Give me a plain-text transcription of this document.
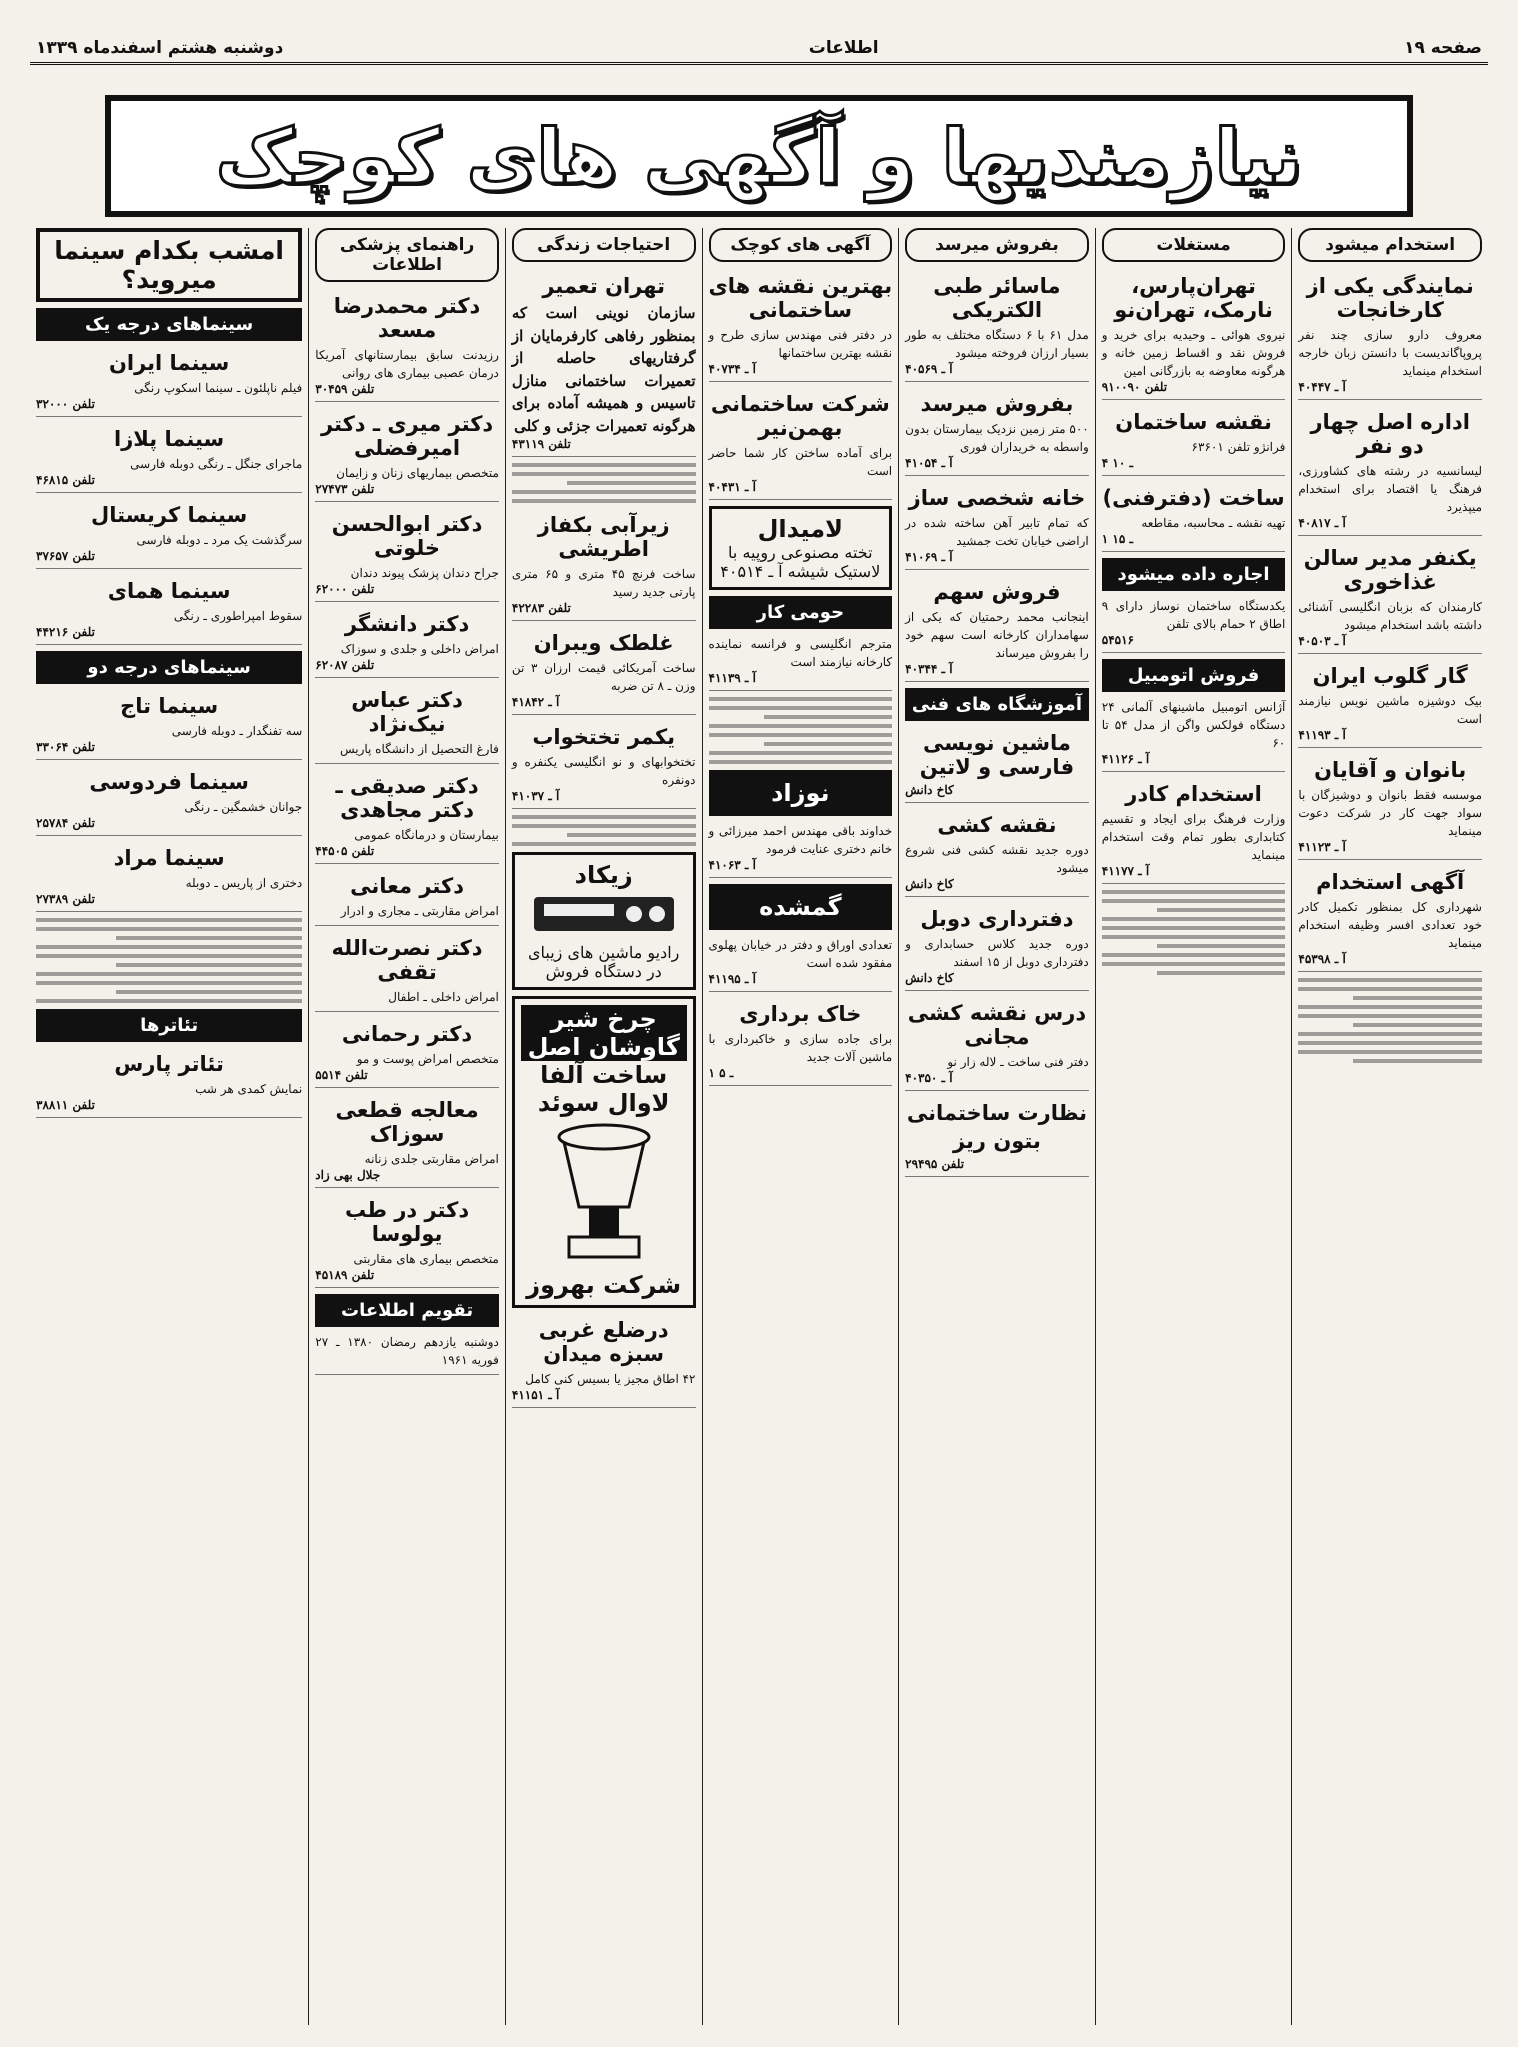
صفحه ۱۹
اطلاعات
دوشنبه هشتم اسفندماه ۱۳۳۹
نیازمندیها و آگهی های کوچک
استخدام میشود
نمایندگی یکی از کارخانجات
معروف دارو سازی چند نفر پروپاگاندیست با دانستن زبان خارجه استخدام مینماید
آ ـ ۴۰۴۴۷
اداره اصل چهار دو نفر
لیسانسیه در رشته های کشاورزی، فرهنگ یا اقتصاد برای استخدام میپذیرد
آ ـ ۴۰۸۱۷
یکنفر مدیر سالن غذاخوری
کارمندان که بزبان انگلیسی آشنائی داشته باشد استخدام میشود
آ ـ ۴۰۵۰۳
گار گلوب ایران
بیک دوشیزه ماشین نویس نیازمند است
آ ـ ۴۱۱۹۳
بانوان و آقایان
موسسه فقط بانوان و دوشیزگان با سواد جهت کار در شرکت دعوت مینماید
آ ـ ۴۱۱۲۳
آگهی استخدام
شهرداری کل بمنظور تکمیل کادر خود تعدادی افسر وظیفه استخدام مینماید
آ ـ ۴۵۳۹۸
مستغلات
تهران‌پارس، نارمک، تهران‌نو
نیروی هوائی ـ وحیدیه برای خرید و فروش نقد و اقساط زمین خانه و هرگونه معاوضه به بازرگانی امین
تلفن ۹۱۰۰۹۰
نقشه ساختمان
فرانژو تلفن ۶۳۶۰۱
۴ ـ ۱۰
ساخت (دفترفنی)
تهیه نقشه ـ محاسبه، مقاطعه
۱ ـ ۱۵
اجاره داده میشود
یکدستگاه ساختمان نوساز دارای ۹ اطاق ۲ حمام بالای تلفن
۵۴۵۱۶
فروش اتومبیل
آژانس اتومبیل ماشینهای آلمانی ۲۴ دستگاه فولکس واگن از مدل ۵۴ تا ۶۰
آ ـ ۴۱۱۲۶
استخدام کادر
وزارت فرهنگ برای ایجاد و تقسیم کتابداری بطور تمام وقت استخدام مینماید
آ ـ ۴۱۱۷۷
بفروش میرسد
ماسائر طبی الکتریکی
مدل ۶۱ با ۶ دستگاه مختلف به طور بسیار ارزان فروخته میشود
آ ـ ۴۰۵۶۹
بفروش میرسد
۵۰۰ متر زمین نزدیک بیمارستان بدون واسطه به خریداران فوری
آ ـ ۴۱۰۵۴
خانه شخصی ساز
که تمام تابیر آهن ساخته شده در اراضی خیابان تخت جمشید
آ ـ ۴۱۰۶۹
فروش سهم
اینجانب محمد رحمتیان که یکی از سهامداران کارخانه است سهم خود را بفروش میرساند
آ ـ ۴۰۳۴۴
آموزشگاه های فنی
ماشین نویسی فارسی و لاتین
کاخ دانش
نقشه کشی
دوره جدید نقشه کشی فنی شروع میشود
کاخ دانش
دفترداری دوبل
دوره جدید کلاس حسابداری و دفترداری دوبل از ۱۵ اسفند
کاخ دانش
درس نقشه کشی مجانی
دفتر فنی ساخت ـ لاله زار نو
آ ـ ۴۰۳۵۰
نظارت ساختمانی
بتون ریز
تلفن ۲۹۴۹۵
آگهی های کوچک
بهترین نقشه های ساختمانی
در دفتر فنی مهندس سازی طرح و نقشه بهترین ساختمانها
آ ـ ۴۰۷۳۴
شرکت ساختمانی بهمن‌نیر
برای آماده ساختن کار شما حاضر است
آ ـ ۴۰۴۳۱
لامیدال
تخته مصنوعی روپیه با لاستیک شیشه آ ـ ۴۰۵۱۴
حومی کار
مترجم انگلیسی و فرانسه نماینده کارخانه نیازمند است
آ ـ ۴۱۱۳۹
نوزاد
خداوند باقی مهندس احمد میرزائی و خانم دختری عنایت فرمود
آ ـ ۴۱۰۶۳
گمشده
تعدادی اوراق و دفتر در خیابان پهلوی مفقود شده است
آ ـ ۴۱۱۹۵
خاک برداری
برای جاده سازی و خاکبرداری با ماشین آلات جدید
۱ ـ ۵
احتیاجات زندگی
تهران تعمیر
سازمان نوینی است که بمنظور رفاهی کارفرمایان از گرفتاریهای حاصله از تعمیرات ساختمانی منازل تاسیس و همیشه آماده برای هرگونه تعمیرات جزئی و کلی
تلفن ۴۳۱۱۹
زیرآبی بکفاز اطریشی
ساخت فرنچ ۴۵ متری و ۶۵ متری پارتی جدید رسید
تلفن ۴۲۲۸۳
غلطک ویبران
ساخت آمریکائی قیمت ارزان ۳ تن وزن ـ ۸ تن ضربه
آ ـ ۴۱۸۴۲
یکمر تختخواب
تختخوابهای و نو انگلیسی یکنفره و دونفره
آ ـ ۴۱۰۳۷
زیکاد
رادیو ماشین های زیبای در دستگاه فروش
چرخ شیر گاوشان اصل
ساخت آلفا لاوال سوئد
شرکت بهروز
درضلع غربی سبزه میدان
۴۲ اطاق مجیز یا بسیس کنی کامل
آ ـ ۴۱۱۵۱
راهنمای پزشکی اطلاعات
دکتر محمدرضا مسعد
رزیدنت سابق بیمارستانهای آمریکا درمان عصبی بیماری های روانی
تلفن ۳۰۴۵۹
دکتر میری ـ دکتر امیرفضلی
متخصص بیماریهای زنان و زایمان
تلفن ۲۷۴۷۳
دکتر ابوالحسن خلوتی
جراح دندان پزشک پیوند دندان
تلفن ۶۲۰۰۰
دکتر دانشگر
امراض داخلی و جلدی و سوزاک
تلفن ۶۲۰۸۷
دکتر عباس نیک‌نژاد
فارغ التحصیل از دانشگاه پاریس
دکتر صدیقی ـ دکتر مجاهدی
بیمارستان و درمانگاه عمومی
تلفن ۴۴۵۰۵
دکتر معانی
امراض مقاربتی ـ مجاری و ادرار
دکتر نصرت‌الله تقفی
امراض داخلی ـ اطفال
دکتر رحمانی
متخصص امراض پوست و مو
تلفن ۵۵۱۴
معالجه قطعی سوزاک
امراض مقاربتی جلدی زنانه
جلال بهی زاد
دکتر در طب یولوسا
متخصص بیماری های مقاربتی
تلفن ۴۵۱۸۹
تقویم اطلاعات
دوشنبه یازدهم رمضان ۱۳۸۰ ـ ۲۷ فوریه ۱۹۶۱
امشب بکدام سینما میروید؟
سینماهای درجه یک
سینما ایران
فیلم ناپلئون ـ سینما اسکوپ رنگی
تلفن ۳۲۰۰۰
سینما پلازا
ماجرای جنگل ـ رنگی دوبله فارسی
تلفن ۴۶۸۱۵
سینما کریستال
سرگذشت یک مرد ـ دوبله فارسی
تلفن ۳۷۶۵۷
سینما همای
سقوط امپراطوری ـ رنگی
تلفن ۴۴۲۱۶
سینماهای درجه دو
سینما تاج
سه تفنگدار ـ دوبله فارسی
تلفن ۳۳۰۶۴
سینما فردوسی
جوانان خشمگین ـ رنگی
تلفن ۲۵۷۸۴
سینما مراد
دختری از پاریس ـ دوبله
تلفن ۲۷۳۸۹
تئاترها
تئاتر پارس
نمایش کمدی هر شب
تلفن ۳۸۸۱۱
